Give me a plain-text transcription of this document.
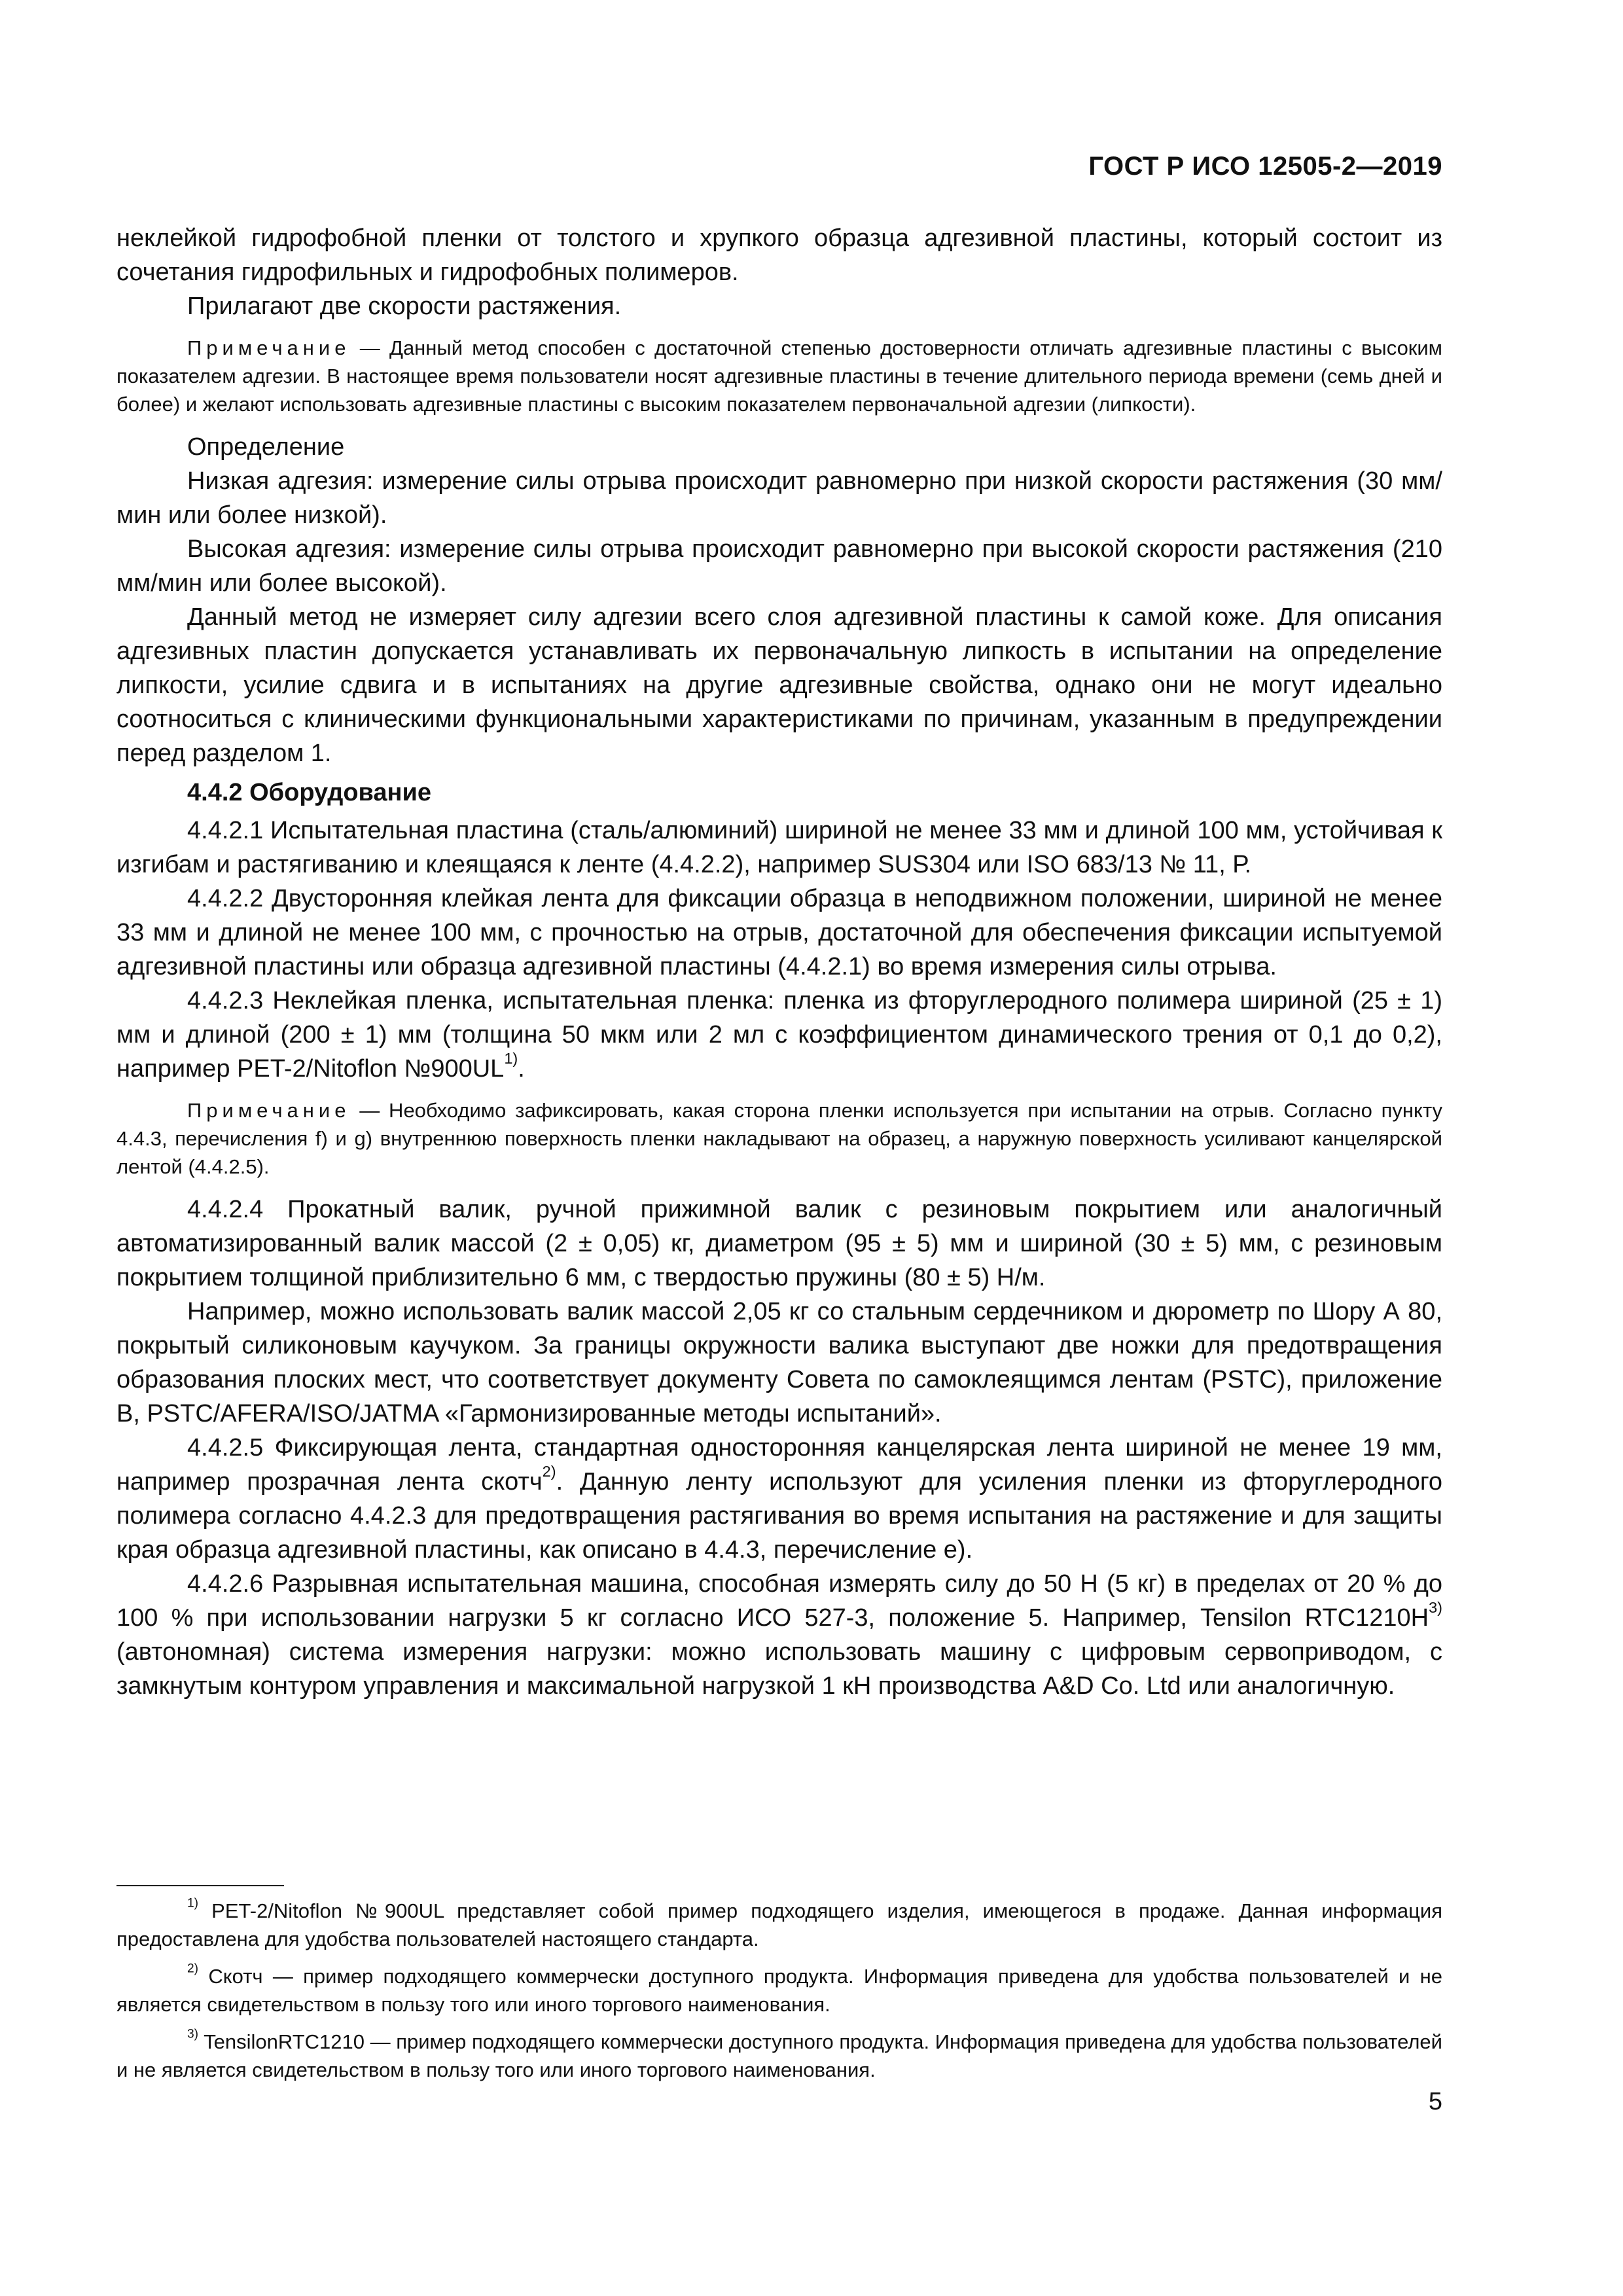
ГОСТ Р ИСО 12505-2—2019

неклейкой гидрофобной пленки от толстого и хрупкого образца адгезивной пластины, который состоит из сочетания гидрофильных и гидрофобных полимеров.

Прилагают две скорости растяжения.

Примечание — Данный метод способен с достаточной степенью достоверности отличать адгезивные пластины с высоким показателем адгезии. В настоящее время пользователи носят адгезивные пластины в течение длительного периода времени (семь дней и более) и желают использовать адгезивные пластины с высоким показателем первоначальной адгезии (липкости).

Определение

Низкая адгезия: измерение силы отрыва происходит равномерно при низкой скорости растяжения (30 мм/мин или более низкой).

Высокая адгезия: измерение силы отрыва происходит равномерно при высокой скорости растяжения (210 мм/мин или более высокой).

Данный метод не измеряет силу адгезии всего слоя адгезивной пластины к самой коже. Для описания адгезивных пластин допускается устанавливать их первоначальную липкость в испытании на определение липкости, усилие сдвига и в испытаниях на другие адгезивные свойства, однако они не могут идеально соотноситься с клиническими функциональными характеристиками по причинам, указанным в предупреждении перед разделом 1.

4.4.2 Оборудование

4.4.2.1 Испытательная пластина (сталь/алюминий) шириной не менее 33 мм и длиной 100 мм, устойчивая к изгибам и растягиванию и клеящаяся к ленте (4.4.2.2), например SUS304 или ISO 683/13 № 11, Р.

4.4.2.2 Двусторонняя клейкая лента для фиксации образца в неподвижном положении, шириной не менее 33 мм и длиной не менее 100 мм, с прочностью на отрыв, достаточной для обеспечения фиксации испытуемой адгезивной пластины или образца адгезивной пластины (4.4.2.1) во время измерения силы отрыва.

4.4.2.3 Неклейкая пленка, испытательная пленка: пленка из фторуглеродного полимера шириной (25 ± 1) мм и длиной (200 ± 1) мм (толщина 50 мкм или 2 мл с коэффициентом динамического трения от 0,1 до 0,2), например PET-2/Nitoflon №900UL$^{1)}$.

Примечание — Необходимо зафиксировать, какая сторона пленки используется при испытании на отрыв. Согласно пункту 4.4.3, перечисления f) и g) внутреннюю поверхность пленки накладывают на образец, а наружную поверхность усиливают канцелярской лентой (4.4.2.5).

4.4.2.4 Прокатный валик, ручной прижимной валик с резиновым покрытием или аналогичный автоматизированный валик массой (2 ± 0,05) кг, диаметром (95 ± 5) мм и шириной (30 ± 5) мм, с резиновым покрытием толщиной приблизительно 6 мм, с твердостью пружины (80 ± 5) Н/м.

Например, можно использовать валик массой 2,05 кг со стальным сердечником и дюрометр по Шору А 80, покрытый силиконовым каучуком. За границы окружности валика выступают две ножки для предотвращения образования плоских мест, что соответствует документу Совета по самоклеящимся лентам (PSTC), приложение В, PSTC/AFERA/ISO/JATMA «Гармонизированные методы испытаний».

4.4.2.5 Фиксирующая лента, стандартная односторонняя канцелярская лента шириной не менее 19 мм, например прозрачная лента скотч$^{2)}$. Данную ленту используют для усиления пленки из фторуглеродного полимера согласно 4.4.2.3 для предотвращения растягивания во время испытания на растяжение и для защиты края образца адгезивной пластины, как описано в 4.4.3, перечисление е).

4.4.2.6 Разрывная испытательная машина, способная измерять силу до 50 Н (5 кг) в пределах от 20 % до 100 % при использовании нагрузки 5 кг согласно ИСО 527-3, положение 5. Например, Tensilon $RTC1210H^{3)}$ (автономная) система измерения нагрузки: можно использовать машину с цифровым сервоприводом, с замкнутым контуром управления и максимальной нагрузкой 1 кН производства A&D Co. Ltd или аналогичную.

$^{1)}$ PET-2/Nitoflon №900UL представляет собой пример подходящего изделия, имеющегося в продаже. Данная информация предоставлена для удобства пользователей настоящего стандарта.

$^{2)}$ Скотч — пример подходящего коммерчески доступного продукта. Информация приведена для удобства пользователей и не является свидетельством в пользу того или иного торгового наименования.

$^{3)}$ TensilonRTC1210 — пример подходящего коммерчески доступного продукта. Информация приведена для удобства пользователей и не является свидетельством в пользу того или иного торгового наименования.

5
